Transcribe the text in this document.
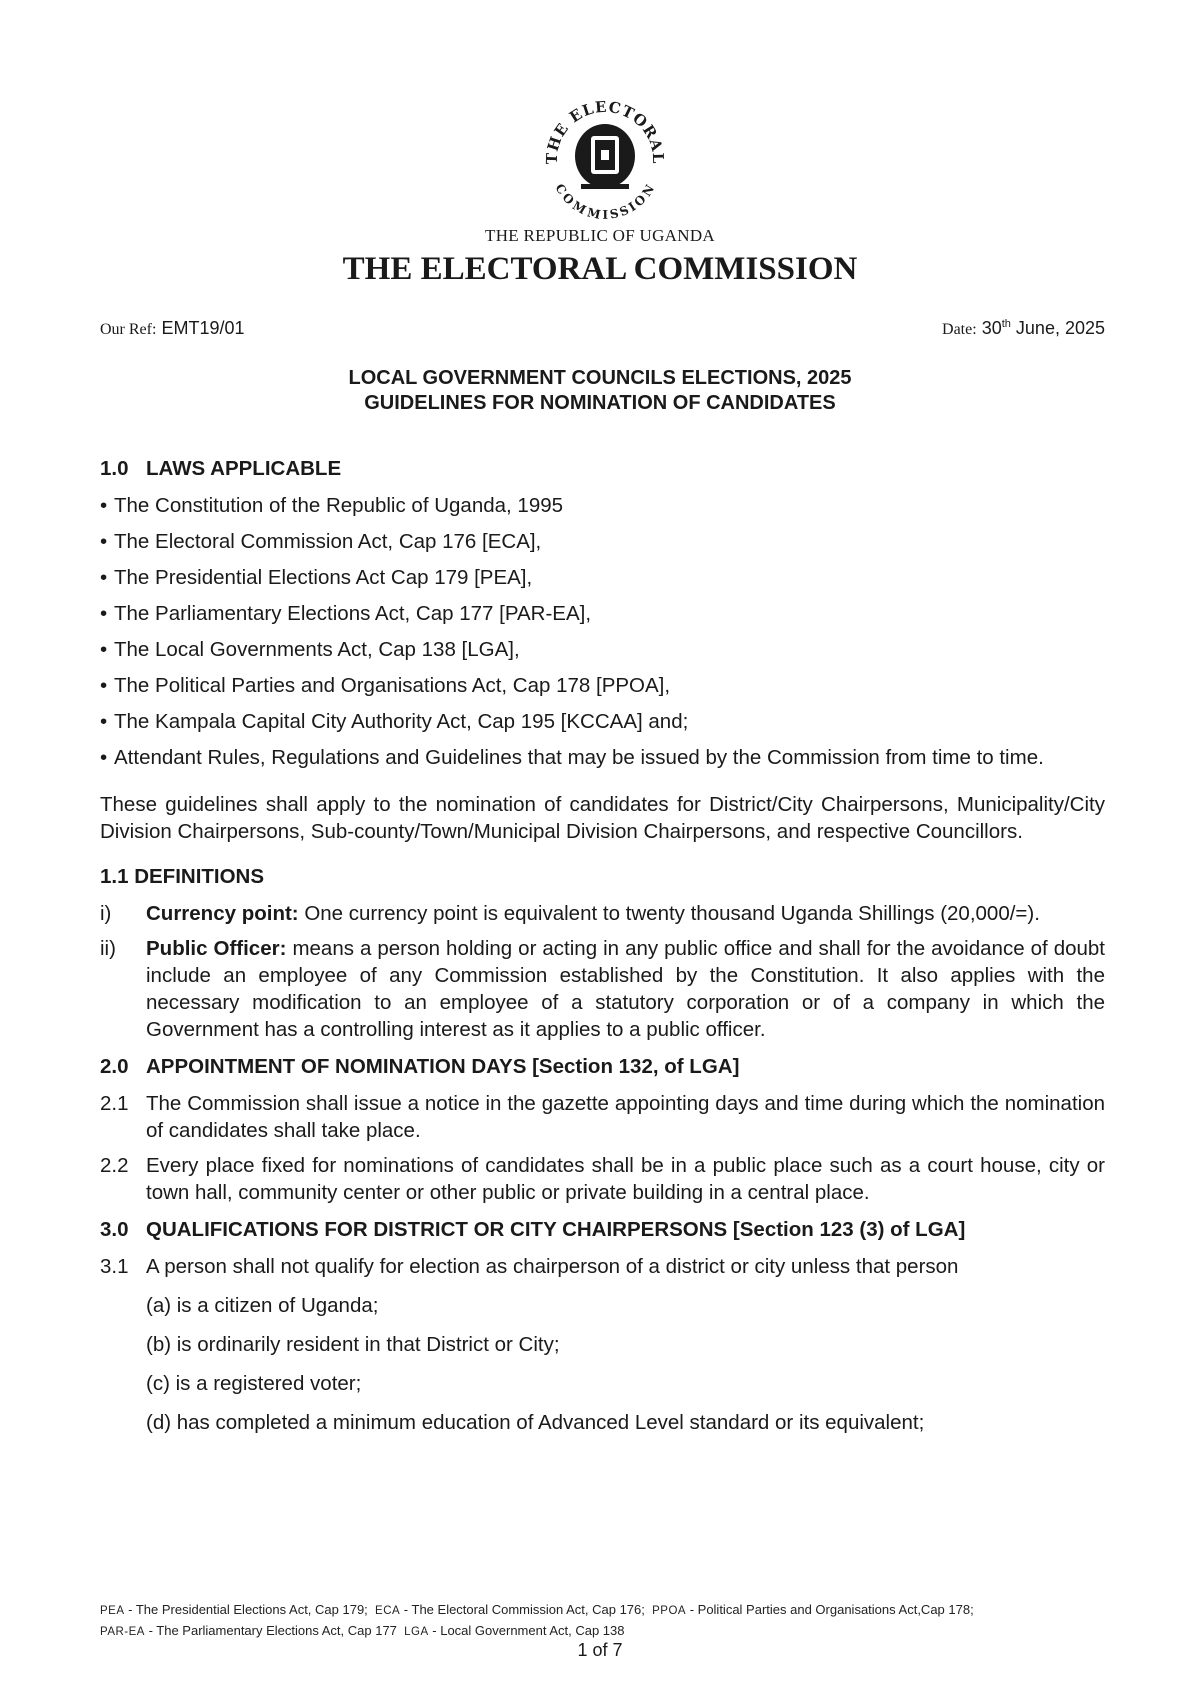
THE ELECTORAL
COMMISSION
THE REPUBLIC OF UGANDA
THE ELECTORAL COMMISSION
Our Ref: EMT19/01	Date: 30th June, 2025
LOCAL GOVERNMENT COUNCILS ELECTIONS, 2025
GUIDELINES FOR NOMINATION OF CANDIDATES
1.0 LAWS APPLICABLE
• The Constitution of the Republic of Uganda, 1995
• The Electoral Commission Act, Cap 176 [ECA],
• The Presidential Elections Act Cap 179 [PEA],
• The Parliamentary Elections Act, Cap 177 [PAR-EA],
• The Local Governments Act, Cap 138 [LGA],
• The Political Parties and Organisations Act, Cap 178 [PPOA],
• The Kampala Capital City Authority Act, Cap 195 [KCCAA] and;
• Attendant Rules, Regulations and Guidelines that may be issued by the Commission from time to time.

These guidelines shall apply to the nomination of candidates for District/City Chairpersons, Municipality/City Division Chairpersons, Sub-county/Town/Municipal Division Chairpersons, and respective Councillors.

1.1 DEFINITIONS
i)	Currency point: One currency point is equivalent to twenty thousand Uganda Shillings (20,000/=).
ii)	Public Officer: means a person holding or acting in any public office and shall for the avoidance of doubt include an employee of any Commission established by the Constitution. It also applies with the necessary modification to an employee of a statutory corporation or of a company in which the Government has a controlling interest as it applies to a public officer.
2.0 APPOINTMENT OF NOMINATION DAYS [Section 132, of LGA]
2.1 The Commission shall issue a notice in the gazette appointing days and time during which the nomination of candidates shall take place.
2.2 Every place fixed for nominations of candidates shall be in a public place such as a court house, city or town hall, community center or other public or private building in a central place.
3.0 QUALIFICATIONS FOR DISTRICT OR CITY CHAIRPERSONS [Section 123 (3) of LGA]
3.1 A person shall not qualify for election as chairperson of a district or city unless that person
(a) is a citizen of Uganda;
(b) is ordinarily resident in that District or City;
(c) is a registered voter;
(d) has completed a minimum education of Advanced Level standard or its equivalent;
PEA - The Presidential Elections Act, Cap 179; ECA - The Electoral Commission Act, Cap 176; PPOA - Political Parties and Organisations Act,Cap 178;
PAR-EA - The Parliamentary Elections Act, Cap 177 LGA - Local Government Act, Cap 138
1 of 7
